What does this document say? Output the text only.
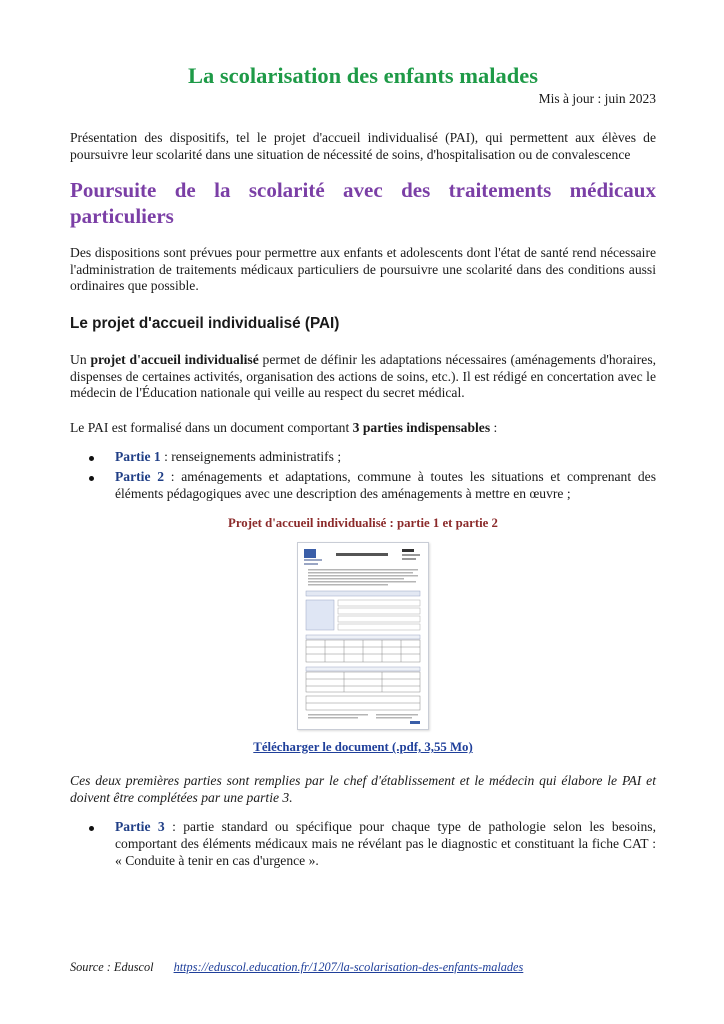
La scolarisation des enfants malades
Mis à jour : juin 2023

Présentation des dispositifs, tel le projet d'accueil individualisé (PAI), qui permettent aux élèves de poursuivre leur scolarité dans une situation de nécessité de soins, d'hospitalisation ou de convalescence

Poursuite de la scolarité avec des traitements médicaux particuliers

Des dispositions sont prévues pour permettre aux enfants et adolescents dont l'état de santé rend nécessaire l'administration de traitements médicaux particuliers de poursuivre une scolarité dans des conditions aussi ordinaires que possible.

Le projet d'accueil individualisé (PAI)

Un projet d'accueil individualisé permet de définir les adaptations nécessaires (aménagements d'horaires, dispenses de certaines activités, organisation des actions de soins, etc.). Il est rédigé en concertation avec le médecin de l'Éducation nationale qui veille au respect du secret médical.

Le PAI est formalisé dans un document comportant 3 parties indispensables :

Partie 1 : renseignements administratifs ;
Partie 2 : aménagements et adaptations, commune à toutes les situations et comprenant des éléments pédagogiques avec une description des aménagements à mettre en œuvre ;
Projet d'accueil individualisé : partie 1 et partie 2
Télécharger le document (.pdf, 3,55 Mo)

Ces deux premières parties sont remplies par le chef d'établissement et le médecin qui élabore le PAI et doivent être complétées par une partie 3.

Partie 3 : partie standard ou spécifique pour chaque type de pathologie selon les besoins, comportant des éléments médicaux mais ne révélant pas le diagnostic et constituant la fiche CAT : « Conduite à tenir en cas d'urgence ».
Source : Eduscol https://eduscol.education.fr/1207/la-scolarisation-des-enfants-malades
